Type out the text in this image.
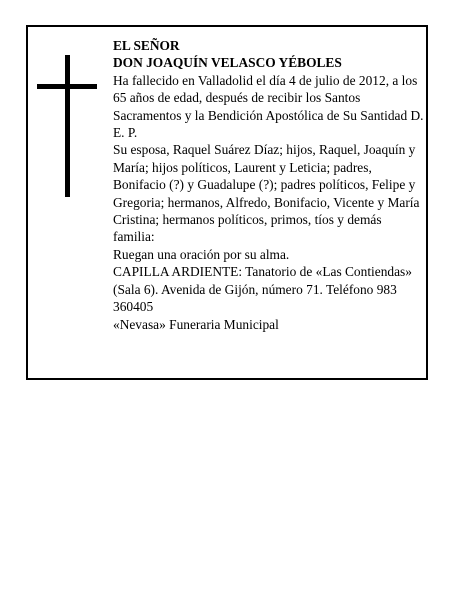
EL SEÑOR

DON JOAQUÍN VELASCO YÉBOLES

Ha fallecido en Valladolid el día 4 de julio de 2012, a los 65 años de edad, después de recibir los Santos Sacramentos y la Bendición Apostólica de Su Santidad D. E. P.

Su esposa, Raquel Suárez Díaz; hijos, Raquel, Joaquín y María; hijos políticos, Laurent y Leticia; padres, Bonifacio (?) y Guadalupe (?); padres políticos, Felipe y Gregoria; hermanos, Alfredo, Bonifacio, Vicente y María Cristina; hermanos políticos, primos, tíos y demás familia:

Ruegan una oración por su alma.

CAPILLA ARDIENTE: Tanatorio de «Las Contiendas» (Sala 6). Avenida de Gijón, número 71. Teléfono 983 360405

«Nevasa» Funeraria Municipal
